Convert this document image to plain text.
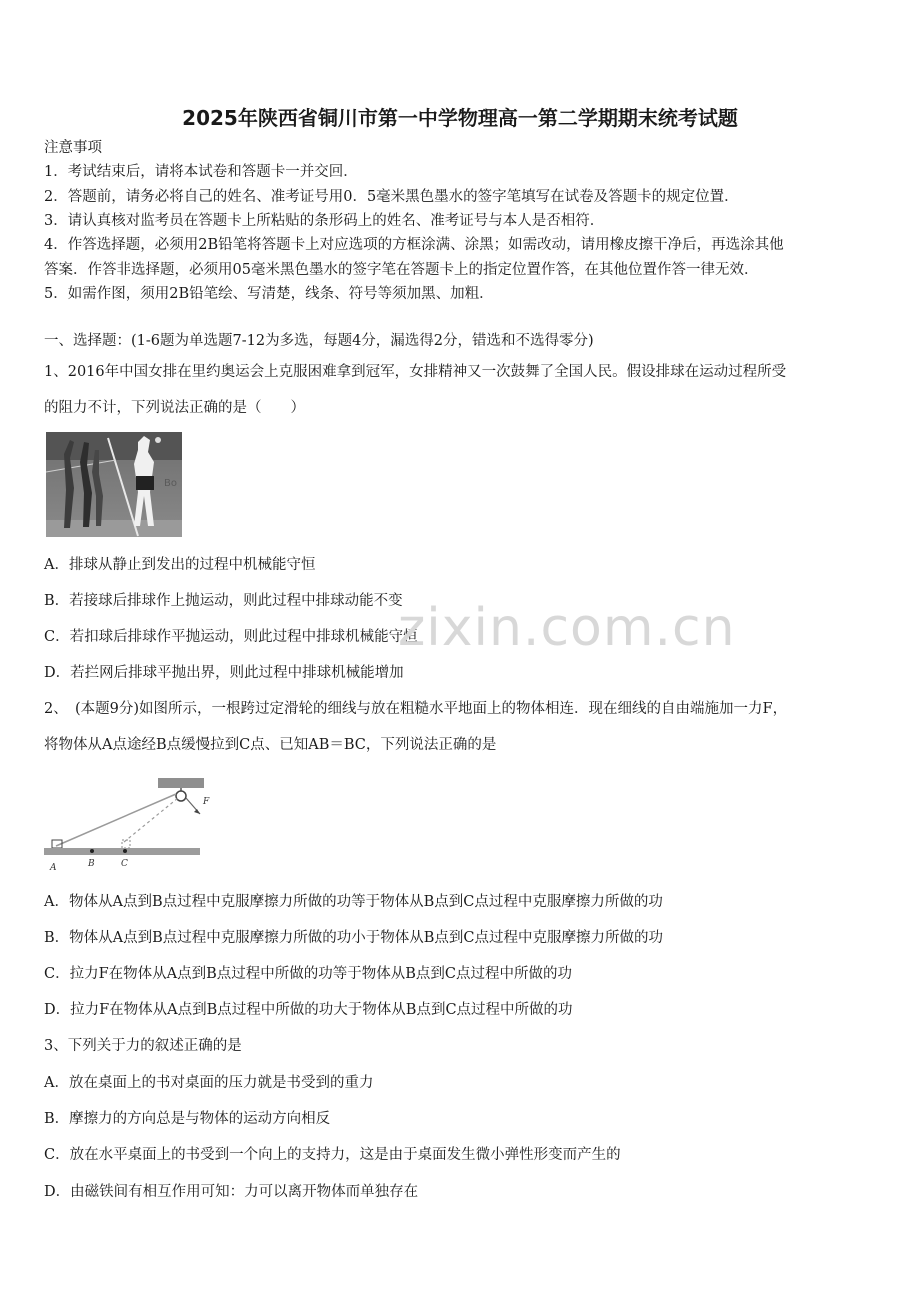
2025年陕西省铜川市第一中学物理高一第二学期期末统考试题
注意事项
1．考试结束后，请将本试卷和答题卡一并交回．
2．答题前，请务必将自己的姓名、准考证号用0．5毫米黑色墨水的签字笔填写在试卷及答题卡的规定位置．
3．请认真核对监考员在答题卡上所粘贴的条形码上的姓名、准考证号与本人是否相符．
4．作答选择题，必须用2B铅笔将答题卡上对应选项的方框涂满、涂黑；如需改动，请用橡皮擦干净后，再选涂其他
答案．作答非选择题，必须用05毫米黑色墨水的签字笔在答题卡上的指定位置作答，在其他位置作答一律无效．
5．如需作图，须用2B铅笔绘、写清楚，线条、符号等须加黑、加粗．
一、选择题：(1-6题为单选题7-12为多选，每题4分，漏选得2分，错选和不选得零分)
1、2016年中国女排在里约奥运会上克服困难拿到冠军，女排精神又一次鼓舞了全国人民。假设排球在运动过程所受
的阻力不计，下列说法正确的是（　　）
Bo
A．排球从静止到发出的过程中机械能守恒
B．若接球后排球作上抛运动，则此过程中排球动能不变
C．若扣球后排球作平抛运动，则此过程中排球机械能守恒
D．若拦网后排球平抛出界，则此过程中排球机械能增加
zixin.com.cn
2、　(本题9分)如图所示，一根跨过定滑轮的细线与放在粗糙水平地面上的物体相连．现在细线的自由端施加一力F，
将物体从A点途经B点缓慢拉到C点、已知AB＝BC，下列说法正确的是
F
A	B	C
A．物体从A点到B点过程中克服摩擦力所做的功等于物体从B点到C点过程中克服摩擦力所做的功
B．物体从A点到B点过程中克服摩擦力所做的功小于物体从B点到C点过程中克服摩擦力所做的功
C．拉力F在物体从A点到B点过程中所做的功等于物体从B点到C点过程中所做的功
D．拉力F在物体从A点到B点过程中所做的功大于物体从B点到C点过程中所做的功
3、下列关于力的叙述正确的是
A．放在桌面上的书对桌面的压力就是书受到的重力
B．摩擦力的方向总是与物体的运动方向相反
C．放在水平桌面上的书受到一个向上的支持力，这是由于桌面发生微小弹性形变而产生的
D．由磁铁间有相互作用可知：力可以离开物体而单独存在
